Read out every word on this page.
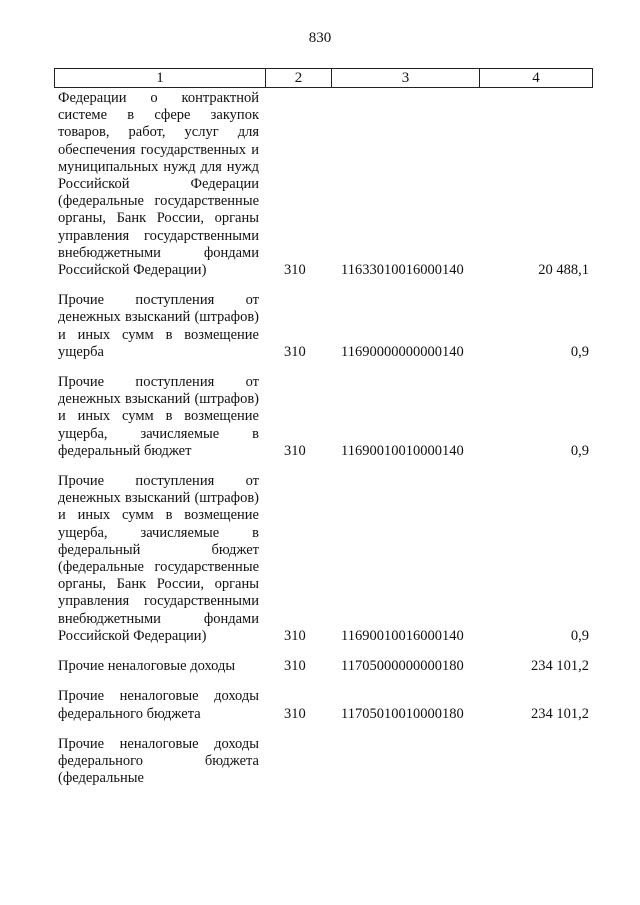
830
1	2	3	4
Федерации о контрактной системе в сфере закупок товаров, работ, услуг для обеспечения государственных и муниципальных нужд для нужд Российской Федерации (федеральные государственные органы, Банк России, органы управления государственными внебюджетными фондами Российской Федерации)	310 11633010016000140	20 488,1
Прочие поступления от денежных взысканий (штрафов) и иных сумм в возмещение ущерба	310 11690000000000140	0,9
Прочие поступления от денежных взысканий (штрафов) и иных сумм в возмещение ущерба, зачисляемые в федеральный бюджет	310 11690010010000140	0,9
Прочие поступления от денежных взысканий (штрафов) и иных сумм в возмещение ущерба, зачисляемые в федеральный бюджет (федеральные государственные органы, Банк России, органы управления государственными внебюджетными фондами Российской Федерации)	310 11690010016000140	0,9
Прочие неналоговые доходы	310 11705000000000180	234 101,2
Прочие неналоговые доходы федерального бюджета	310 11705010010000180	234 101,2
Прочие неналоговые доходы федерального бюджета (федеральные
